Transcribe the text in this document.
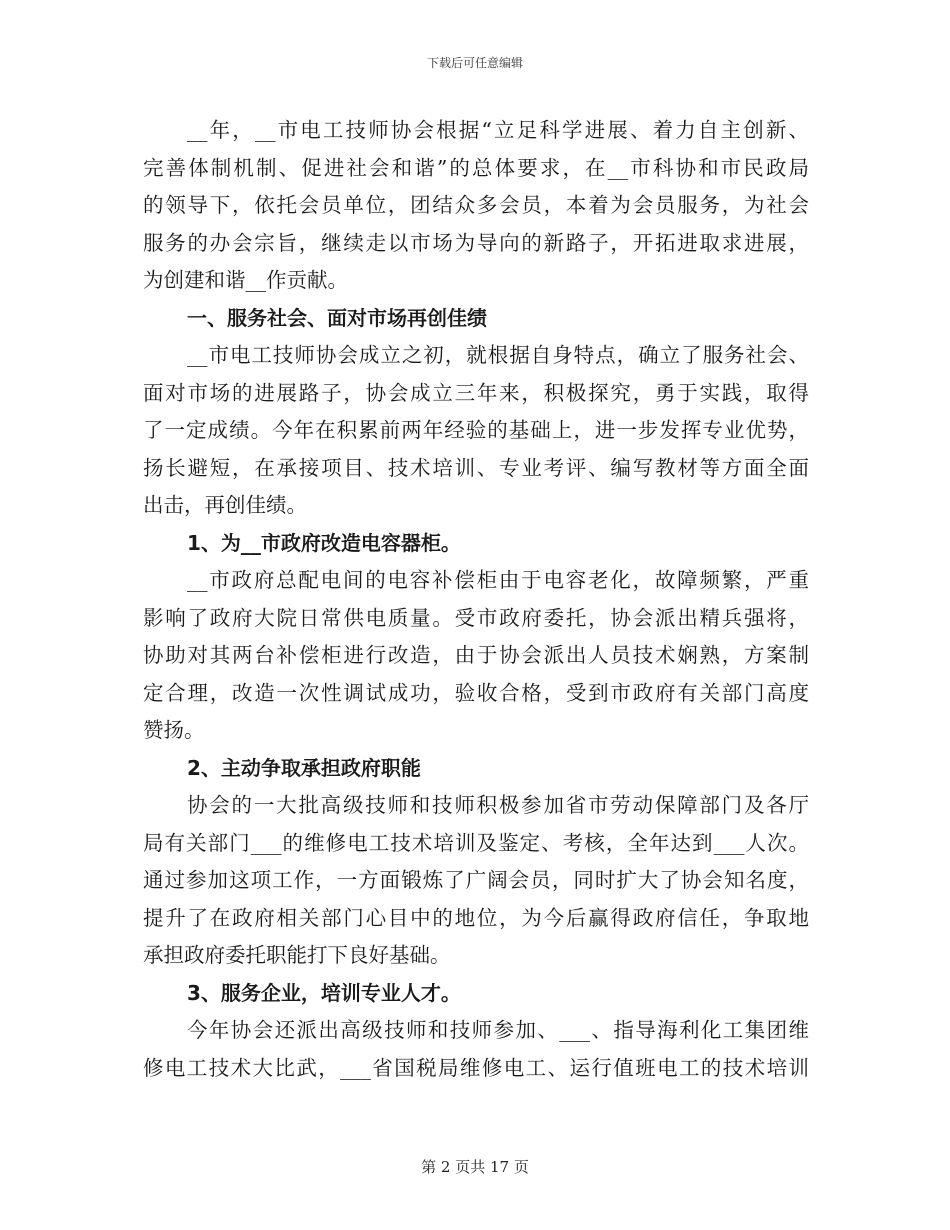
下载后可任意编辑
__年，__市电工技师协会根据“立足科学进展、着力自主创新、
完善体制机制、促进社会和谐”的总体要求，在__市科协和市民政局
的领导下，依托会员单位，团结众多会员，本着为会员服务，为社会
服务的办会宗旨，继续走以市场为导向的新路子，开拓进取求进展，
为创建和谐__作贡献。
一、服务社会、面对市场再创佳绩
__市电工技师协会成立之初，就根据自身特点，确立了服务社会、
面对市场的进展路子，协会成立三年来，积极探究，勇于实践，取得
了一定成绩。今年在积累前两年经验的基础上，进一步发挥专业优势，
扬长避短，在承接项目、技术培训、专业考评、编写教材等方面全面
出击，再创佳绩。
1、为__市政府改造电容器柜。
__市政府总配电间的电容补偿柜由于电容老化，故障频繁，严重
影响了政府大院日常供电质量。受市政府委托，协会派出精兵强将，
协助对其两台补偿柜进行改造，由于协会派出人员技术娴熟，方案制
定合理，改造一次性调试成功，验收合格，受到市政府有关部门高度
赞扬。
2、主动争取承担政府职能
协会的一大批高级技师和技师积极参加省市劳动保障部门及各厅
局有关部门___的维修电工技术培训及鉴定、考核，全年达到___人次。
通过参加这项工作，一方面锻炼了广阔会员，同时扩大了协会知名度，
提升了在政府相关部门心目中的地位，为今后赢得政府信任，争取地
承担政府委托职能打下良好基础。
3、服务企业，培训专业人才。
今年协会还派出高级技师和技师参加、___、指导海利化工集团维
修电工技术大比武，___省国税局维修电工、运行值班电工的技术培训
第 2 页共 17 页
